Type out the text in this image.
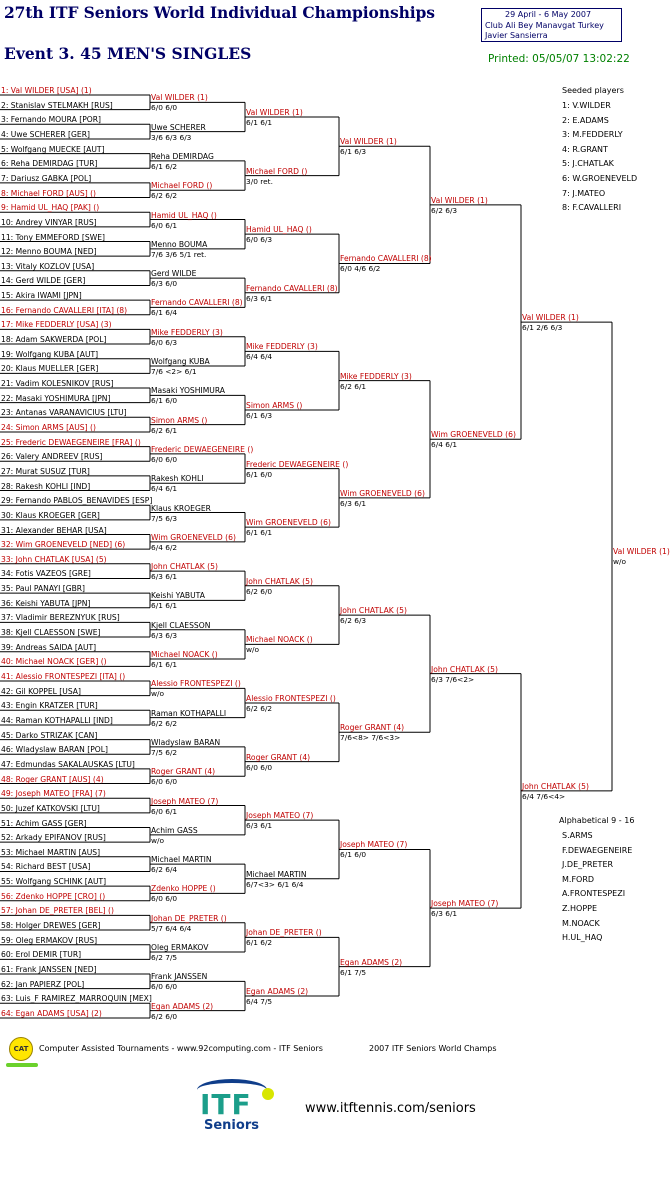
27th ITF Seniors World Individual Championships
Event 3. 45 MEN'S SINGLES
29 April - 6 May 2007
Club Ali Bey Manavgat Turkey
Javier Sansierra
Printed: 05/05/07 13:02:22
1: Val WILDER [USA] (1)
2: Stanislav STELMAKH [RUS]
3: Fernando MOURA [POR]
4: Uwe SCHERER [GER]
5: Wolfgang MUECKE [AUT]
6: Reha DEMIRDAG [TUR]
7: Dariusz GABKA [POL]
8: Michael FORD [AUS] ()
9: Hamid UL_HAQ [PAK] ()
10: Andrey VINYAR [RUS]
11: Tony EMMEFORD [SWE]
12: Menno BOUMA [NED]
13: Vitaly KOZLOV [USA]
14: Gerd WILDE [GER]
15: Akira IWAMI [JPN]
16: Fernando CAVALLERI [ITA] (8)
17: Mike FEDDERLY [USA] (3)
18: Adam SAKWERDA [POL]
19: Wolfgang KUBA [AUT]
20: Klaus MUELLER [GER]
21: Vadim KOLESNIKOV [RUS]
22: Masaki YOSHIMURA [JPN]
23: Antanas VARANAVICIUS [LTU]
24: Simon ARMS [AUS] ()
25: Frederic DEWAEGENEIRE [FRA] ()
26: Valery ANDREEV [RUS]
27: Murat SUSUZ [TUR]
28: Rakesh KOHLI [IND]
29: Fernando PABLOS_BENAVIDES [ESP]
30: Klaus KROEGER [GER]
31: Alexander BEHAR [USA]
32: Wim GROENEVELD [NED] (6)
33: John CHATLAK [USA] (5)
34: Fotis VAZEOS [GRE]
35: Paul PANAYI [GBR]
36: Keishi YABUTA [JPN]
37: Vladimir BEREZNYUK [RUS]
38: Kjell CLAESSON [SWE]
39: Andreas SAIDA [AUT]
40: Michael NOACK [GER] ()
41: Alessio FRONTESPEZI [ITA] ()
42: Gil KOPPEL [USA]
43: Engin KRATZER [TUR]
44: Raman KOTHAPALLI [IND]
45: Darko STRIZAK [CAN]
46: Wladyslaw BARAN [POL]
47: Edmundas SAKALAUSKAS [LTU]
48: Roger GRANT [AUS] (4)
49: Joseph MATEO [FRA] (7)
50: Juzef KATKOVSKI [LTU]
51: Achim GASS [GER]
52: Arkady EPIFANOV [RUS]
53: Michael MARTIN [AUS]
54: Richard BEST [USA]
55: Wolfgang SCHINK [AUT]
56: Zdenko HOPPE [CRO] ()
57: Johan DE_PRETER [BEL] ()
58: Holger DREWES [GER]
59: Oleg ERMAKOV [RUS]
60: Erol DEMIR [TUR]
61: Frank JANSSEN [NED]
62: Jan PAPIERZ [POL]
63: Luis_F RAMIREZ_MARROQUIN [MEX]
64: Egan ADAMS [USA] (2)
Val WILDER (1)
6/0 6/0
Uwe SCHERER
3/6 6/3 6/3
Reha DEMIRDAG
6/1 6/2
Michael FORD ()
6/2 6/2
Hamid UL_HAQ ()
6/0 6/1
Menno BOUMA
7/6 3/6 5/1 ret.
Gerd WILDE
6/3 6/0
Fernando CAVALLERI (8)
6/1 6/4
Mike FEDDERLY (3)
6/0 6/3
Wolfgang KUBA
7/6 <2> 6/1
Masaki YOSHIMURA
6/1 6/0
Simon ARMS ()
6/2 6/1
Frederic DEWAEGENEIRE ()
6/0 6/0
Rakesh KOHLI
6/4 6/1
Klaus KROEGER
7/5 6/3
Wim GROENEVELD (6)
6/4 6/2
John CHATLAK (5)
6/3 6/1
Keishi YABUTA
6/1 6/1
Kjell CLAESSON
6/3 6/3
Michael NOACK ()
6/1 6/1
Alessio FRONTESPEZI ()
w/o
Raman KOTHAPALLI
6/2 6/2
Wladyslaw BARAN
7/5 6/2
Roger GRANT (4)
6/0 6/0
Joseph MATEO (7)
6/0 6/1
Achim GASS
w/o
Michael MARTIN
6/2 6/4
Zdenko HOPPE ()
6/0 6/0
Johan DE_PRETER ()
5/7 6/4 6/4
Oleg ERMAKOV
6/2 7/5
Frank JANSSEN
6/0 6/0
Egan ADAMS (2)
6/2 6/0
Val WILDER (1)
6/1 6/1
Michael FORD ()
3/0 ret.
Hamid UL_HAQ ()
6/0 6/3
Fernando CAVALLERI (8)
6/3 6/1
Mike FEDDERLY (3)
6/4 6/4
Simon ARMS ()
6/1 6/3
Frederic DEWAEGENEIRE ()
6/1 6/0
Wim GROENEVELD (6)
6/1 6/1
John CHATLAK (5)
6/2 6/0
Michael NOACK ()
w/o
Alessio FRONTESPEZI ()
6/2 6/2
Roger GRANT (4)
6/0 6/0
Joseph MATEO (7)
6/3 6/1
Michael MARTIN
6/7<3> 6/1 6/4
Johan DE_PRETER ()
6/1 6/2
Egan ADAMS (2)
6/4 7/5
Val WILDER (1)
6/1 6/3
Fernando CAVALLERI (8)
6/0 4/6 6/2
Mike FEDDERLY (3)
6/2 6/1
Wim GROENEVELD (6)
6/3 6/1
John CHATLAK (5)
6/2 6/3
Roger GRANT (4)
7/6<8> 7/6<3>
Joseph MATEO (7)
6/1 6/0
Egan ADAMS (2)
6/1 7/5
Val WILDER (1)
6/2 6/3
Wim GROENEVELD (6)
6/4 6/1
John CHATLAK (5)
6/3 7/6<2>
Joseph MATEO (7)
6/3 6/1
Val WILDER (1)
6/1 2/6 6/3
John CHATLAK (5)
6/4 7/6<4>
Val WILDER (1)
w/o
Seeded players
1: V.WILDER
2: E.ADAMS
3: M.FEDDERLY
4: R.GRANT
5: J.CHATLAK
6: W.GROENEVELD
7: J.MATEO
8: F.CAVALLERI
Alphabetical 9 - 16
S.ARMS
F.DEWAEGENEIRE
J.DE_PRETER
M.FORD
A.FRONTESPEZI
Z.HOPPE
M.NOACK
H.UL_HAQ
CAT	Computer Assisted Tournaments - www.92computing.com - ITF Seniors	2007 ITF Seniors World Champs
ITF
Seniors
www.itftennis.com/seniors
